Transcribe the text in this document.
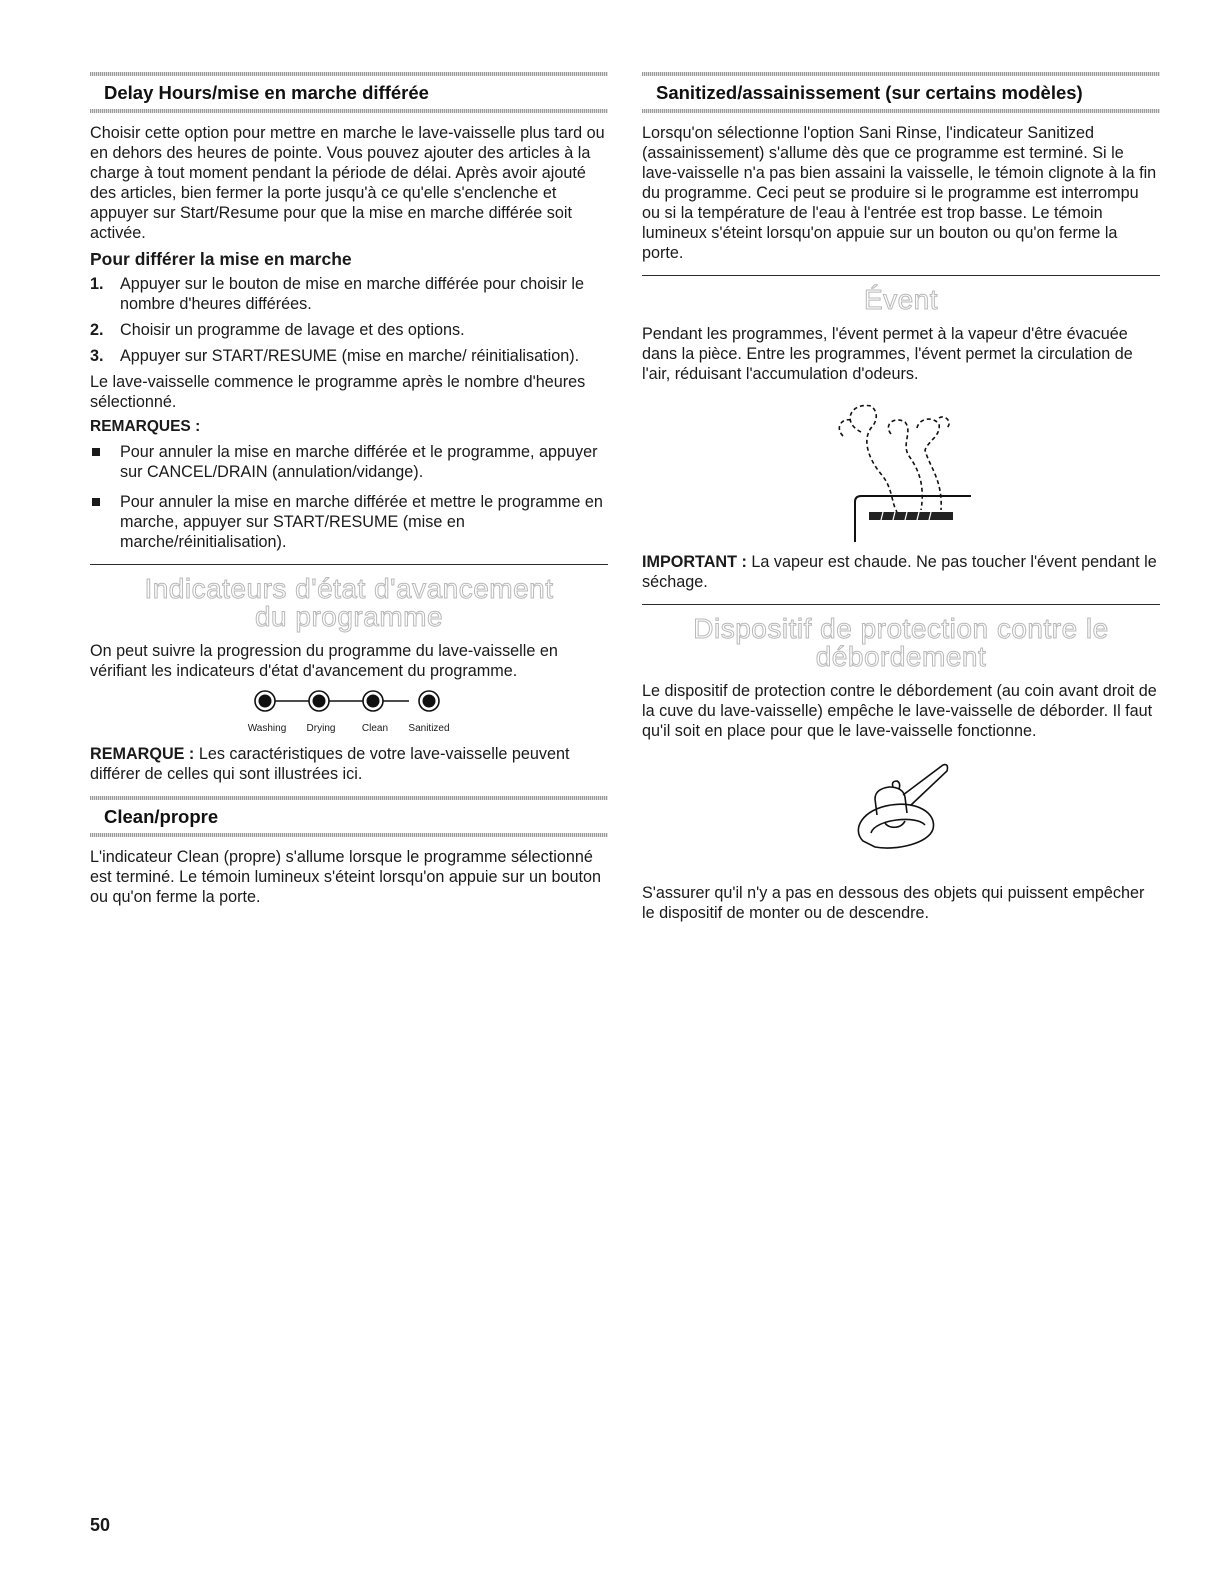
Delay Hours/mise en marche différée

Choisir cette option pour mettre en marche le lave-vaisselle plus tard ou en dehors des heures de pointe. Vous pouvez ajouter des articles à la charge à tout moment pendant la période de délai. Après avoir ajouté des articles, bien fermer la porte jusqu'à ce qu'elle s'enclenche et appuyer sur Start/Resume pour que la mise en marche différée soit activée.

Pour différer la mise en marche
1. Appuyer sur le bouton de mise en marche différée pour choisir le nombre d'heures différées.
2. Choisir un programme de lavage et des options.
3. Appuyer sur START/RESUME (mise en marche/ réinitialisation).

Le lave-vaisselle commence le programme après le nombre d'heures sélectionné.

REMARQUES :
Pour annuler la mise en marche différée et le programme, appuyer sur CANCEL/DRAIN (annulation/vidange).
Pour annuler la mise en marche différée et mettre le programme en marche, appuyer sur START/RESUME (mise en marche/réinitialisation).
Indicateurs d'état d'avancement
du programme

On peut suivre la progression du programme du lave-vaisselle en vérifiant les indicateurs d'état d'avancement du programme.

Washing	Drying	Clean	Sanitized

REMARQUE : Les caractéristiques de votre lave-vaisselle peuvent différer de celles qui sont illustrées ici.

Clean/propre

L'indicateur Clean (propre) s'allume lorsque le programme sélectionné est terminé. Le témoin lumineux s'éteint lorsqu'on appuie sur un bouton ou qu'on ferme la porte.

Sanitized/assainissement (sur certains modèles)

Lorsqu'on sélectionne l'option Sani Rinse, l'indicateur Sanitized (assainissement) s'allume dès que ce programme est terminé. Si le lave-vaisselle n'a pas bien assaini la vaisselle, le témoin clignote à la fin du programme. Ceci peut se produire si le programme est interrompu ou si la température de l'eau à l'entrée est trop basse. Le témoin lumineux s'éteint lorsqu'on appuie sur un bouton ou qu'on ferme la porte.

Évent

Pendant les programmes, l'évent permet à la vapeur d'être évacuée dans la pièce. Entre les programmes, l'évent permet la circulation de l'air, réduisant l'accumulation d'odeurs.

IMPORTANT : La vapeur est chaude. Ne pas toucher l'évent pendant le séchage.

Dispositif de protection contre le
débordement

Le dispositif de protection contre le débordement (au coin avant droit de la cuve du lave-vaisselle) empêche le lave-vaisselle de déborder. Il faut qu'il soit en place pour que le lave-vaisselle fonctionne.

S'assurer qu'il n'y a pas en dessous des objets qui puissent empêcher le dispositif de monter ou de descendre.

50
